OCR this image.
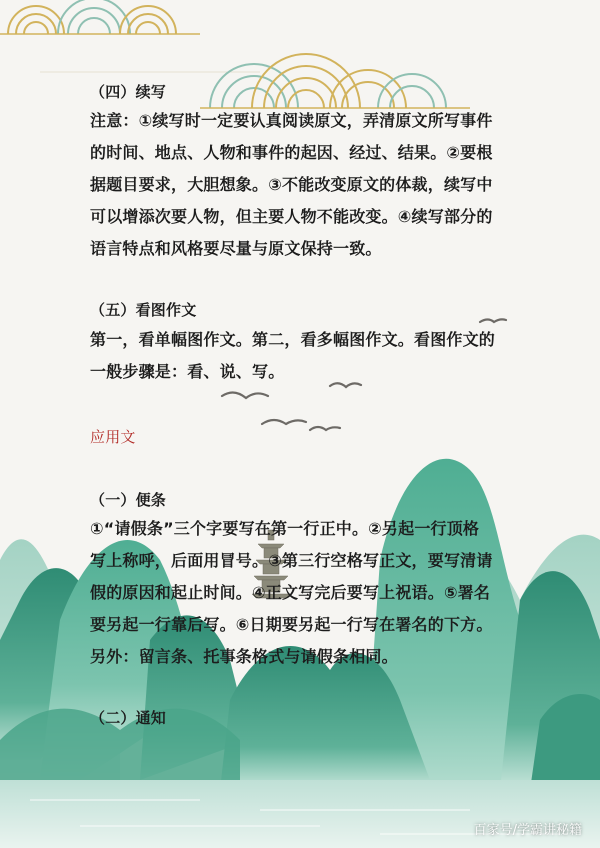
（四）续写
注意：①续写时一定要认真阅读原文，弄清原文所写事件
的时间、地点、人物和事件的起因、经过、结果。②要根
据题目要求，大胆想象。③不能改变原文的体裁，续写中
可以增添次要人物，但主要人物不能改变。④续写部分的
语言特点和风格要尽量与原文保持一致。
（五）看图作文
第一，看单幅图作文。第二，看多幅图作文。看图作文的
一般步骤是：看、说、写。
应用文
（一）便条
①“请假条”三个字要写在第一行正中。②另起一行顶格
写上称呼，后面用冒号。③第三行空格写正文，要写清请
假的原因和起止时间。④正文写完后要写上祝语。⑤署名
要另起一行靠后写。⑥日期要另起一行写在署名的下方。
另外：留言条、托事条格式与请假条相同。
（二）通知
百家号/学霸讲秘籍
